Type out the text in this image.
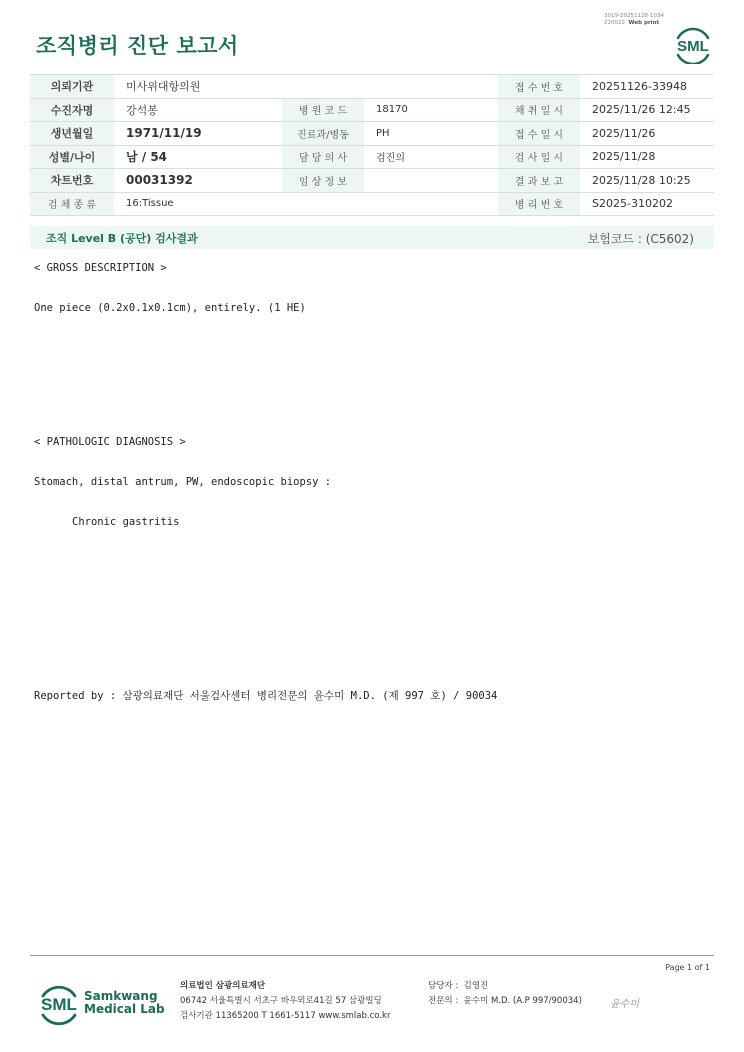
조직병리 진단 보고서
3019-20251128-1034
220022 Web print
SML
의뢰기관	미사위대항의원			접 수 번 호	20251126-33948
수진자명	강석봉	병 원 코 드	18170	채 취 일 시	2025/11/26 12:45
생년월일	1971/11/19	진료과/병동	PH	접 수 일 시	2025/11/26
성별/나이	남 / 54	담 당 의 사	검진의	검 사 일 시	2025/11/28
차트번호	00031392	임 상 정 보		결 과 보 고	2025/11/28 10:25
검 체 종 류	16:Tissue			병 리 번 호	S2025-310202
조직 Level B (공단) 검사결과	보험코드 : (C5602)
< GROSS DESCRIPTION >
One piece (0.2x0.1x0.1cm), entirely. (1 HE)
< PATHOLOGIC DIAGNOSIS >
Stomach, distal antrum, PW, endoscopic biopsy :
Chronic gastritis
Reported by : 삼광의료재단 서울검사센터 병리전문의 윤수미 M.D. (제 997 호) / 90034
Page 1 of 1
SML Samkwang
Medical Lab
의료법인 삼광의료재단
06742 서울특별시 서초구 바우뫼로41길 57 삼광빌딩
검사기관 11365200 T 1661-5117 www.smlab.co.kr
담당자 : 김영진
전문의 : 윤수미 M.D. (A.P 997/90034)	윤수미
